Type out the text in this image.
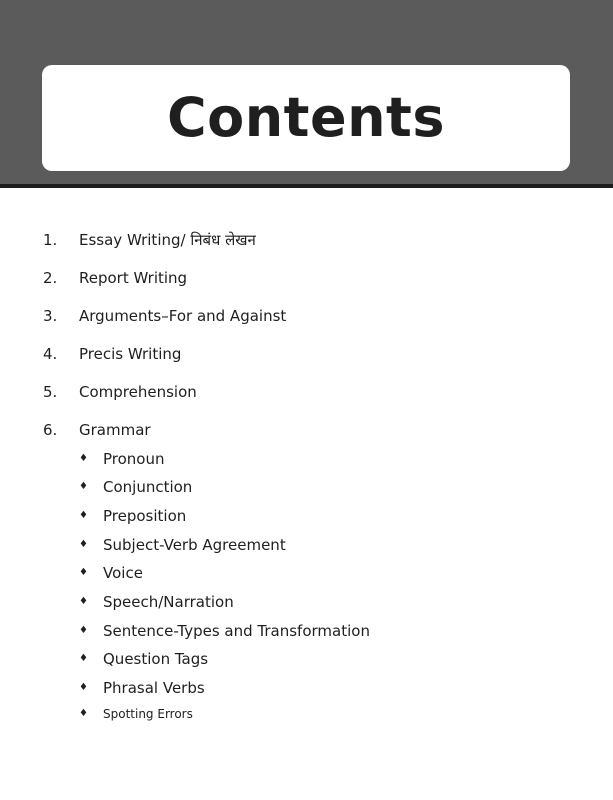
Contents
1.	Essay Writing/ निबंध लेखन
2.	Report Writing
3.	Arguments–For and Against
4.	Precis Writing
5.	Comprehension
6.	Grammar
♦	Pronoun
♦	Conjunction
♦	Preposition
♦	Subject-Verb Agreement
♦	Voice
♦	Speech/Narration
♦	Sentence-Types and Transformation
♦	Question Tags
♦	Phrasal Verbs
♦	Spotting Errors
